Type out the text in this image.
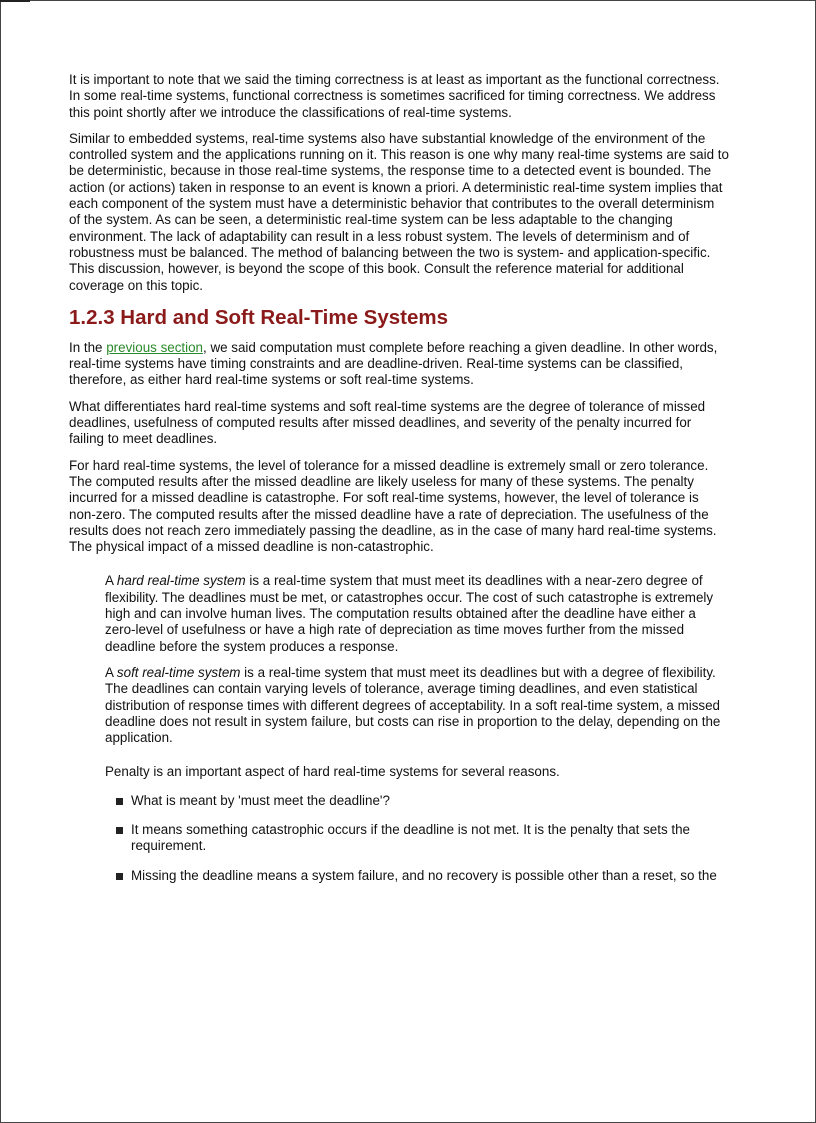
It is important to note that we said the timing correctness is at least as important as the functional correctness. In some real-time systems, functional correctness is sometimes sacrificed for timing correctness. We address this point shortly after we introduce the classifications of real-time systems.

Similar to embedded systems, real-time systems also have substantial knowledge of the environment of the controlled system and the applications running on it. This reason is one why many real-time systems are said to be deterministic, because in those real-time systems, the response time to a detected event is bounded. The action (or actions) taken in response to an event is known a priori. A deterministic real-time system implies that each component of the system must have a deterministic behavior that contributes to the overall determinism of the system. As can be seen, a deterministic real-time system can be less adaptable to the changing environment. The lack of adaptability can result in a less robust system. The levels of determinism and of robustness must be balanced. The method of balancing between the two is system- and application-specific. This discussion, however, is beyond the scope of this book. Consult the reference material for additional coverage on this topic.

1.2.3 Hard and Soft Real-Time Systems

In the previous section, we said computation must complete before reaching a given deadline. In other words, real-time systems have timing constraints and are deadline-driven. Real-time systems can be classified, therefore, as either hard real-time systems or soft real-time systems.

What differentiates hard real-time systems and soft real-time systems are the degree of tolerance of missed deadlines, usefulness of computed results after missed deadlines, and severity of the penalty incurred for failing to meet deadlines.

For hard real-time systems, the level of tolerance for a missed deadline is extremely small or zero tolerance. The computed results after the missed deadline are likely useless for many of these systems. The penalty incurred for a missed deadline is catastrophe. For soft real-time systems, however, the level of tolerance is non-zero. The computed results after the missed deadline have a rate of depreciation. The usefulness of the results does not reach zero immediately passing the deadline, as in the case of many hard real-time systems. The physical impact of a missed deadline is non-catastrophic.

A hard real-time system is a real-time system that must meet its deadlines with a near-zero degree of flexibility. The deadlines must be met, or catastrophes occur. The cost of such catastrophe is extremely high and can involve human lives. The computation results obtained after the deadline have either a zero-level of usefulness or have a high rate of depreciation as time moves further from the missed deadline before the system produces a response.

A soft real-time system is a real-time system that must meet its deadlines but with a degree of flexibility. The deadlines can contain varying levels of tolerance, average timing deadlines, and even statistical distribution of response times with different degrees of acceptability. In a soft real-time system, a missed deadline does not result in system failure, but costs can rise in proportion to the delay, depending on the application.

Penalty is an important aspect of hard real-time systems for several reasons.

What is meant by 'must meet the deadline'?
It means something catastrophic occurs if the deadline is not met. It is the penalty that sets the requirement.
Missing the deadline means a system failure, and no recovery is possible other than a reset, so the
